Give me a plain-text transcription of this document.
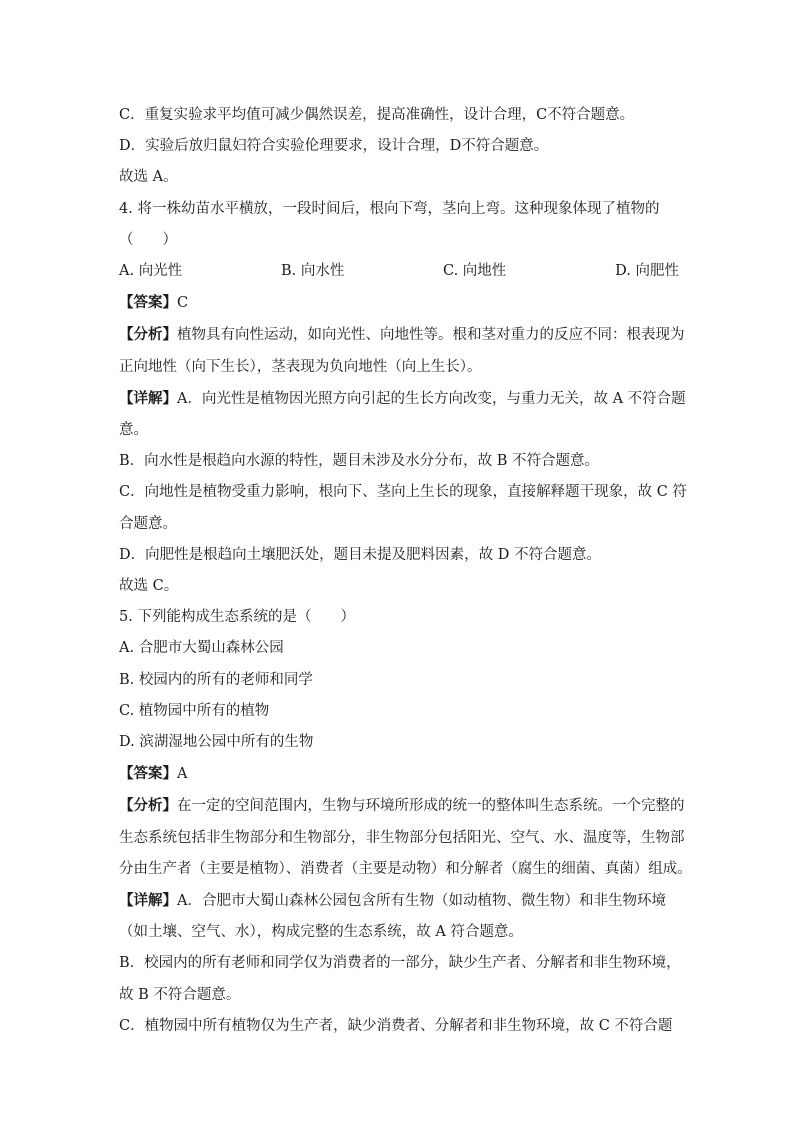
C．重复实验求平均值可减少偶然误差，提高准确性，设计合理，C不符合题意。
D．实验后放归鼠妇符合实验伦理要求，设计合理，D不符合题意。
故选 A。
4. 将一株幼苗水平横放，一段时间后，根向下弯，茎向上弯。这种现象体现了植物的
（　　）
A. 向光性	B. 向水性	C. 向地性	D. 向肥性
【答案】C
【分析】植物具有向性运动，如向光性、向地性等。根和茎对重力的反应不同：根表现为
正向地性（向下生长），茎表现为负向地性（向上生长）。
【详解】A．向光性是植物因光照方向引起的生长方向改变，与重力无关，故 A 不符合题
意。
B．向水性是根趋向水源的特性，题目未涉及水分分布，故 B 不符合题意。
C．向地性是植物受重力影响，根向下、茎向上生长的现象，直接解释题干现象，故 C 符
合题意。
D．向肥性是根趋向土壤肥沃处，题目未提及肥料因素，故 D 不符合题意。
故选 C。
5. 下列能构成生态系统的是（　　）
A. 合肥市大蜀山森林公园
B. 校园内的所有的老师和同学
C. 植物园中所有的植物
D. 滨湖湿地公园中所有的生物
【答案】A
【分析】在一定的空间范围内，生物与环境所形成的统一的整体叫生态系统。一个完整的
生态系统包括非生物部分和生物部分，非生物部分包括阳光、空气、水、温度等，生物部
分由生产者（主要是植物）、消费者（主要是动物）和分解者（腐生的细菌、真菌）组成。
【详解】A．合肥市大蜀山森林公园包含所有生物（如动植物、微生物）和非生物环境
（如土壤、空气、水），构成完整的生态系统，故 A 符合题意。
B．校园内的所有老师和同学仅为消费者的一部分，缺少生产者、分解者和非生物环境，
故 B 不符合题意。
C．植物园中所有植物仅为生产者，缺少消费者、分解者和非生物环境，故 C 不符合题
